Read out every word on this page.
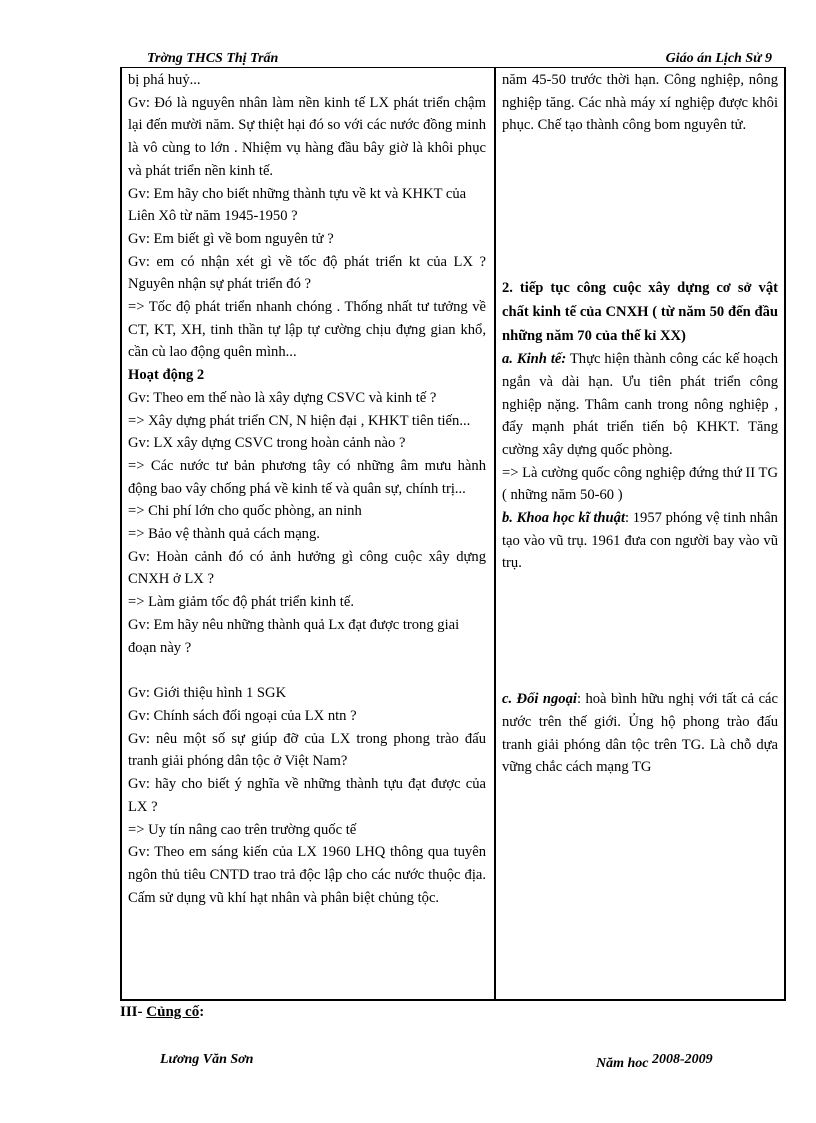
Trờng THCS Thị Trấn	Giáo án Lịch Sử 9
bị phá huỷ...
Gv: Đó là nguyên nhân làm nền kinh tế LX phát triển chậm lại đến mười năm. Sự thiệt hại đó so với các nước đồng minh là vô cùng to lớn . Nhiệm vụ hàng đầu bây giờ là khôi phục và phát triển nền kinh tế.
Gv: Em hãy cho biết những thành tựu về kt và KHKT của Liên Xô từ năm 1945-1950 ?
Gv: Em biết gì về bom nguyên tử ?
Gv: em có nhận xét gì về tốc độ phát triển kt của LX ? Nguyên nhận sự phát triển đó ?
=> Tốc độ phát triển nhanh chóng . Thống nhất tư tưởng về CT, KT, XH, tinh thần tự lập tự cường chịu đựng gian khổ, cần cù lao động quên mình...
Hoạt động 2
Gv: Theo em thế nào là xây dựng CSVC và kinh tế ?
=> Xây dựng phát triển CN, N hiện đại , KHKT tiên tiến...
Gv: LX xây dựng CSVC trong hoàn cảnh nào ?
=> Các nước tư bản phương tây có những âm mưu hành động bao vây chống phá về kinh tế và quân sự, chính trị...
=> Chi phí lớn cho quốc phòng, an ninh
=> Bảo vệ thành quả cách mạng.
Gv: Hoàn cảnh đó có ảnh hưởng gì công cuộc xây dựng CNXH ở LX ?
=> Làm giảm tốc độ phát triển kinh tế.
Gv: Em hãy nêu những thành quả Lx đạt được trong giai đoạn này ?
Gv: Giới thiệu hình 1 SGK
Gv: Chính sách đối ngoại của LX ntn ?
Gv: nêu một số sự giúp đỡ của LX trong phong trào đấu tranh giải phóng dân tộc ở Việt Nam?
Gv: hãy cho biết ý nghĩa về những thành tựu đạt được của LX ?
=> Uy tín nâng cao trên trường quốc tế
Gv: Theo em sáng kiến của LX 1960 LHQ thông qua tuyên ngôn thủ tiêu CNTD trao trả độc lập cho các nước thuộc địa. Cấm sử dụng vũ khí hạt nhân và phân biệt chủng tộc.
năm 45-50 trước thời hạn. Công nghiệp, nông nghiệp tăng. Các nhà máy xí nghiệp được khôi phục. Chế tạo thành công bom nguyên tử.
2. tiếp tục công cuộc xây dựng cơ sở vật chất kinh tế của CNXH ( từ năm 50 đến đầu những năm 70 của thế kỉ XX)
a. Kinh tế: Thực hiện thành công các kế hoạch ngắn và dài hạn. Ưu tiên phát triển công nghiệp nặng. Thâm canh trong nông nghiệp , đẩy mạnh phát triển tiến bộ KHKT. Tăng cường xây dựng quốc phòng.
=> Là cường quốc công nghiệp đứng thứ II TG ( những năm 50-60 )
b. Khoa học kĩ thuật: 1957 phóng vệ tinh nhân tạo vào vũ trụ. 1961 đưa con người bay vào vũ trụ.
c. Đối ngoại: hoà bình hữu nghị với tất cả các nước trên thế giới. Ủng hộ phong trào đấu tranh giải phóng dân tộc trên TG. Là chỗ dựa vững chắc cách mạng TG
III- Củng cố:
Lương Văn Sơn	Năm hoc 2008-2009
